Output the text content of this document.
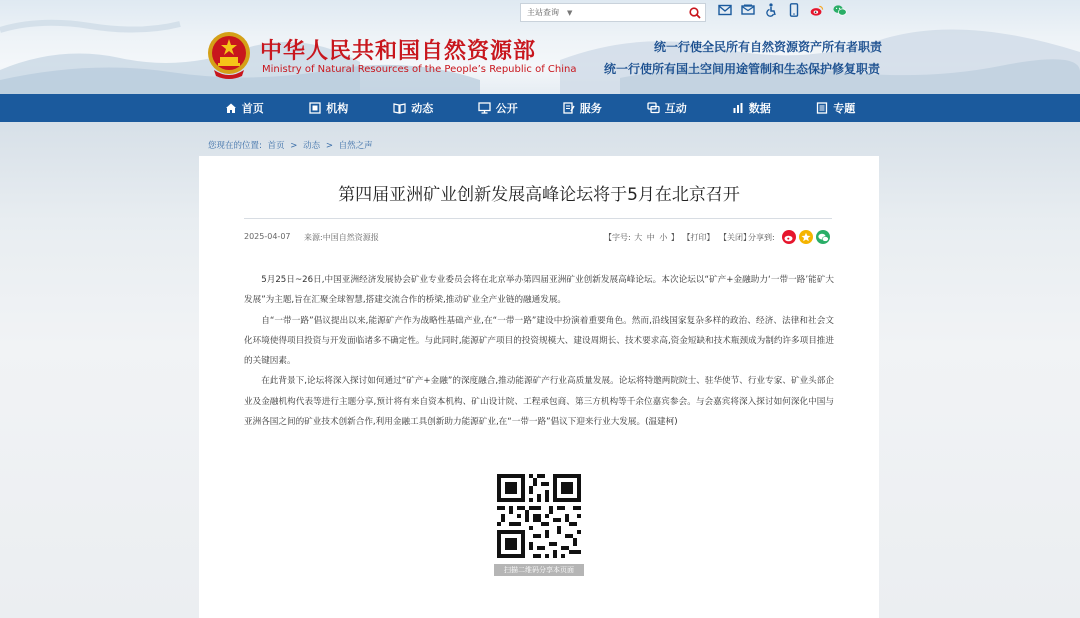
中华人民共和国自然资源部
Ministry of Natural Resources of the People’s Republic of China
统一行使全民所有自然资源资产所有者职责
统一行使所有国土空间用途管制和生态保护修复职责
主站查询	▼
首页	机构	动态	公开	服务	互动	数据	专题
您现在的位置: 首页 > 动态 > 自然之声
第四届亚洲矿业创新发展高峰论坛将于5月在北京召开
2025-04-07 来源:中国自然资源报	【字号: 大 中 小 】 【打印】 【关闭】
分享到:

5月25日~26日,中国亚洲经济发展协会矿业专业委员会将在北京举办第四届亚洲矿业创新发展高峰论坛。本次论坛以“矿产+金融助力‘一带一路’能矿大发展”为主题,旨在汇聚全球智慧,搭建交流合作的桥梁,推动矿业全产业链的融通发展。

自“一带一路”倡议提出以来,能源矿产作为战略性基础产业,在“一带一路”建设中扮演着重要角色。然而,沿线国家复杂多样的政治、经济、法律和社会文化环境使得项目投资与开发面临诸多不确定性。与此同时,能源矿产项目的投资规模大、建设周期长、技术要求高,资金短缺和技术瓶颈成为制约许多项目推进的关键因素。

在此背景下,论坛将深入探讨如何通过“矿产+金融”的深度融合,推动能源矿产行业高质量发展。论坛将特邀两院院士、驻华使节、行业专家、矿业头部企业及金融机构代表等进行主题分享,预计将有来自资本机构、矿山设计院、工程承包商、第三方机构等千余位嘉宾参会。与会嘉宾将深入探讨如何深化中国与亚洲各国之间的矿业技术创新合作,利用金融工具创新助力能源矿业,在“一带一路”倡议下迎来行业大发展。(温建柯)

扫描二维码分享本页面
